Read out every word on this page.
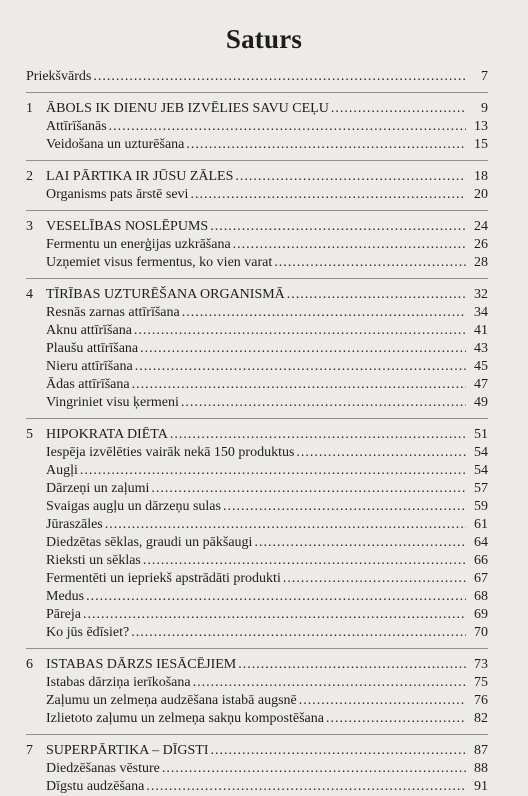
Saturs
Priekšvārds .....	7
1 ĀBOLS IK DIENU JEB IZVĒLIES SAVU CEĻU .....	9
Attīrīšanās .....	13
Veidošana un uzturēšana .....	15
2 LAI PĀRTIKA IR JŪSU ZĀLES .....	18
Organisms pats ārstē sevi .....	20
3 VESELĪBAS NOSLĒPUMS .....	24
Fermentu un enerģijas uzkrāšana .....	26
Uzņemiet visus fermentus, ko vien varat .....	28
4 TĪRĪBAS UZTURĒŠANA ORGANISMĀ .....	32
Resnās zarnas attīrīšana .....	34
Aknu attīrīšana .....	41
Plaušu attīrīšana .....	43
Nieru attīrīšana .....	45
Ādas attīrīšana .....	47
Vingriniet visu ķermeni .....	49
5 HIPOKRATA DIĒTA .....	51
Iespēja izvēlēties vairāk nekā 150 produktus .....	54
Augļi .....	54
Dārzeņi un zaļumi .....	57
Svaigas augļu un dārzeņu sulas .....	59
Jūraszāles .....	61
Diedzētas sēklas, graudi un pākšaugi .....	64
Rieksti un sēklas .....	66
Fermentēti un iepriekš apstrādāti produkti .....	67
Medus .....	68
Pāreja .....	69
Ko jūs ēdīsiet? .....	70
6 ISTABAS DĀRZS IESĀCĒJIEM .....	73
Istabas dārziņa ierīkošana .....	75
Zaļumu un zelmeņa audzēšana istabā augsnē .....	76
Izlietoto zaļumu un zelmeņa sakņu kompostēšana .....	82
7 SUPERPĀRTIKA – DĪGSTI .....	87
Diedzēšanas vēsture .....	88
Dīgstu audzēšana .....	91
